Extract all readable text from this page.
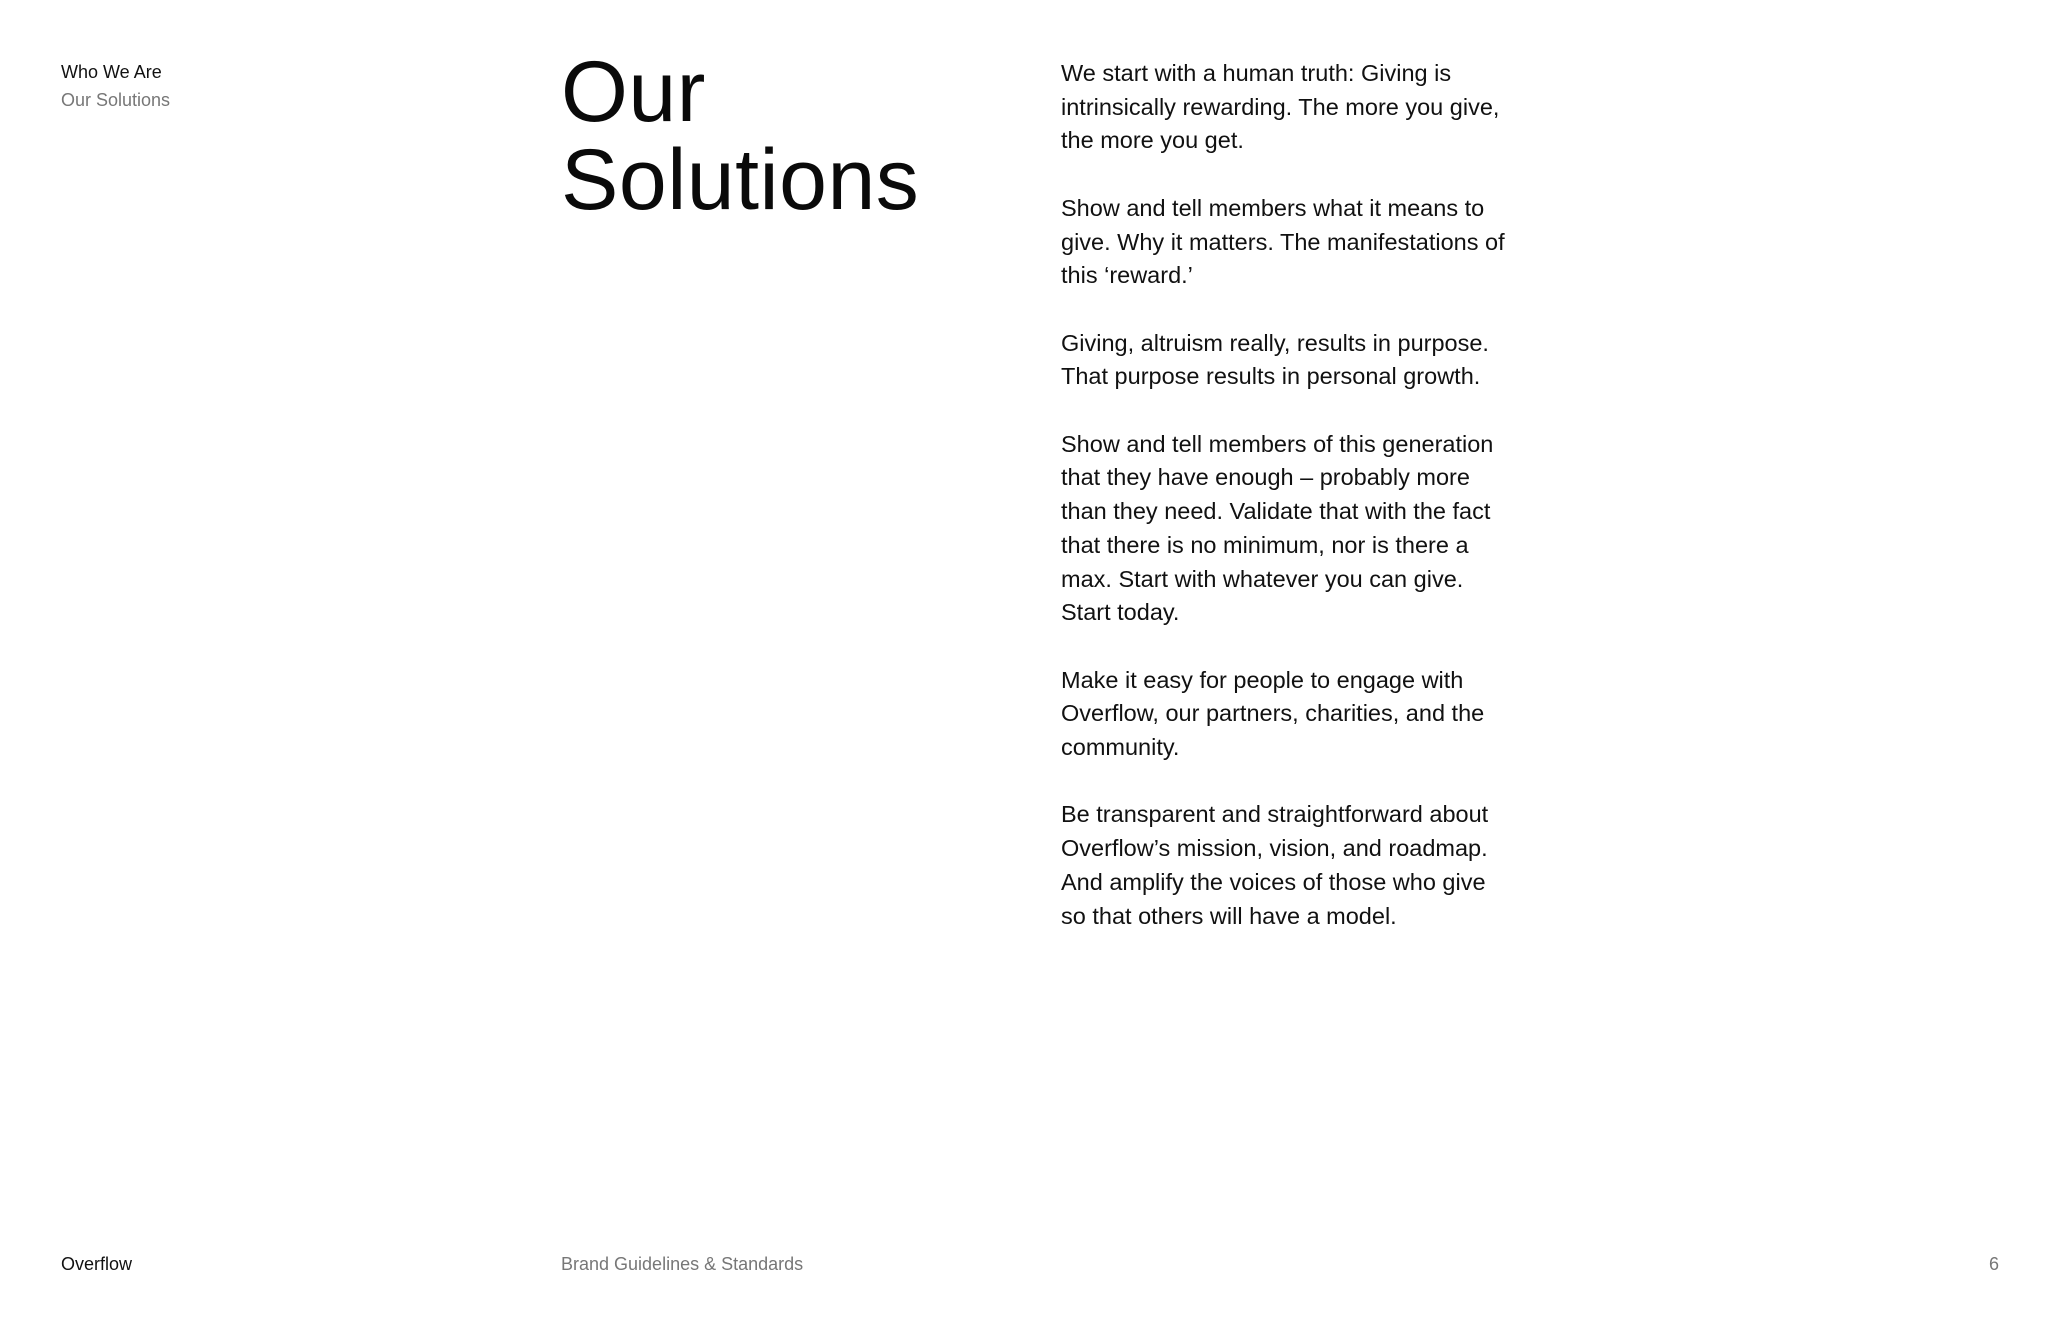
Who We Are
Our Solutions	Our
Solutions

We start with a human truth: Giving is intrinsically rewarding. The more you give, the more you get.

Show and tell members what it means to give. Why it matters. The manifestations of this ‘reward.’

Giving, altruism really, results in purpose. That purpose results in personal growth.

Show and tell members of this generation that they have enough – probably more than they need. Validate that with the fact that there is no minimum, nor is there a max. Start with whatever you can give. Start today.

Make it easy for people to engage with Overflow, our partners, charities, and the community.

Be transparent and straightforward about Overflow’s mission, vision, and roadmap. And amplify the voices of those who give so that others will have a model.

Overflow	Brand Guidelines & Standards	6
